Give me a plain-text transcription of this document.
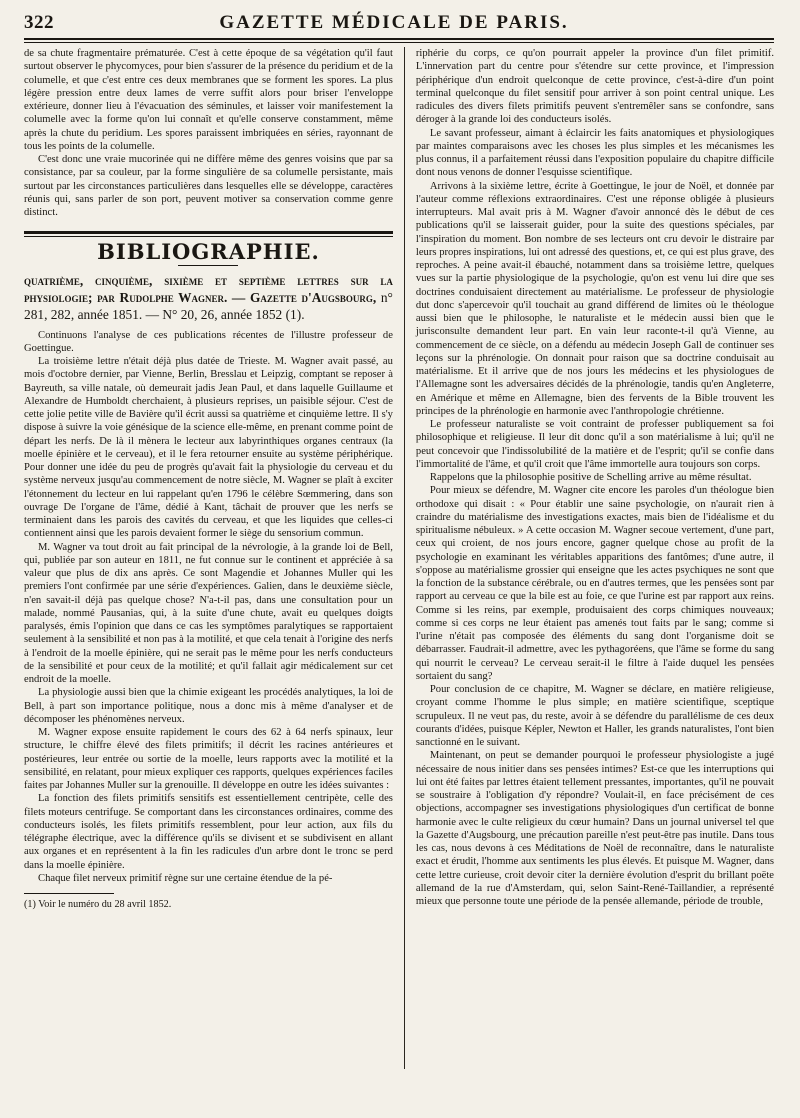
322	GAZETTE MÉDICALE DE PARIS.

de sa chute fragmentaire prématurée. C'est à cette époque de sa végétation qu'il faut surtout observer le phycomyces, pour bien s'assurer de la présence du peridium et de la columelle, et que c'est entre ces deux membranes que se forment les spores. La plus légère pression entre deux lames de verre suffit alors pour briser l'enveloppe extérieure, donner lieu à l'évacuation des séminules, et laisser voir manifestement la columelle avec la forme qu'on lui connaît et qu'elle conserve constamment, même après la chute du peridium. Les spores paraissent imbriquées en séries, rayonnant de tous les points de la columelle.

C'est donc une vraie mucorinée qui ne diffère même des genres voisins que par sa consistance, par sa couleur, par la forme singulière de sa columelle persistante, mais surtout par les circonstances particulières dans lesquelles elle se développe, caractères réunis qui, sans parler de son port, peuvent motiver sa conservation comme genre distinct.

BIBLIOGRAPHIE.
quatrième, cinquième, sixième et septième lettres sur la physiologie; par Rudolphe Wagner. — Gazette d'Augsbourg, n° 281, 282, année 1851. — N° 20, 26, année 1852 (1).

Continuons l'analyse de ces publications récentes de l'illustre professeur de Goettingue.

La troisième lettre n'était déjà plus datée de Trieste. M. Wagner avait passé, au mois d'octobre dernier, par Vienne, Berlin, Bresslau et Leipzig, comptant se reposer à Bayreuth, sa ville natale, où demeurait jadis Jean Paul, et dans laquelle Guillaume et Alexandre de Humboldt cherchaient, à plusieurs reprises, un paisible séjour. C'est de cette jolie petite ville de Bavière qu'il écrit aussi sa quatrième et cinquième lettre. Il s'y dispose à suivre la voie génésique de la science elle-même, en prenant comme point de départ les nerfs. De là il mènera le lecteur aux labyrinthiques organes centraux (la moelle épinière et le cerveau), et il le fera retourner ensuite au système périphérique. Pour donner une idée du peu de progrès qu'avait fait la physiologie du cerveau et du système nerveux jusqu'au commencement de notre siècle, M. Wagner se plaît à exciter l'étonnement du lecteur en lui rappelant qu'en 1796 le célèbre Sœmmering, dans son ouvrage De l'organe de l'âme, dédié à Kant, tâchait de prouver que les nerfs se terminaient dans les parois des cavités du cerveau, et que les liquides que celles-ci contiennent ainsi que les parois devaient former le siège du sensorium commun.

M. Wagner va tout droit au fait principal de la névrologie, à la grande loi de Bell, qui, publiée par son auteur en 1811, ne fut connue sur le continent et appréciée à sa valeur que plus de dix ans après. Ce sont Magendie et Johannes Muller qui les premiers l'ont confirmée par une série d'expériences. Galien, dans le deuxième siècle, n'en savait-il déjà pas quelque chose? N'a-t-il pas, dans une consultation pour un malade, nommé Pausanias, qui, à la suite d'une chute, avait eu quelques doigts paralysés, émis l'opinion que dans ce cas les symptômes paralytiques se rapportaient seulement à la sensibilité et non pas à la motilité, et que cela tenait à l'origine des nerfs à l'endroit de la moelle épinière, qui ne serait pas le même pour les nerfs conducteurs de la sensibilité et pour ceux de la motilité; et qu'il fallait agir médicalement sur cet endroit de la moelle.

La physiologie aussi bien que la chimie exigeant les procédés analytiques, la loi de Bell, à part son importance politique, nous a donc mis à même d'analyser et de décomposer les phénomènes nerveux.

M. Wagner expose ensuite rapidement le cours des 62 à 64 nerfs spinaux, leur structure, le chiffre élevé des filets primitifs; il décrit les racines antérieures et postérieures, leur entrée ou sortie de la moelle, leurs rapports avec la motilité et la sensibilité, en relatant, pour mieux expliquer ces rapports, quelques expériences faciles faites par Johannes Muller sur la grenouille. Il développe en outre les idées suivantes :

La fonction des filets primitifs sensitifs est essentiellement centripète, celle des filets moteurs centrifuge. Se comportant dans les circonstances ordinaires, comme des conducteurs isolés, les filets primitifs ressemblent, pour leur action, aux fils du télégraphe électrique, avec la différence qu'ils se divisent et se subdivisent en allant aux organes et en représentent à la fin les radicules d'un arbre dont le tronc se perd dans la moelle épinière.

Chaque filet nerveux primitif règne sur une certaine étendue de la pé-

(1) Voir le numéro du 28 avril 1852.

riphérie du corps, ce qu'on pourrait appeler la province d'un filet primitif. L'innervation part du centre pour s'étendre sur cette province, et l'impression périphérique d'un endroit quelconque de cette province, c'est-à-dire d'un point terminal quelconque du filet sensitif pour arriver à son point central unique. Les radicules des divers filets primitifs peuvent s'entremêler sans se confondre, sans déroger à la grande loi des conducteurs isolés.

Le savant professeur, aimant à éclaircir les faits anatomiques et physiologiques par maintes comparaisons avec les choses les plus simples et les mécanismes les plus connus, il a parfaitement réussi dans l'exposition populaire du chapitre difficile dont nous venons de donner l'esquisse scientifique.

Arrivons à la sixième lettre, écrite à Goettingue, le jour de Noël, et donnée par l'auteur comme réflexions extraordinaires. C'est une réponse obligée à plusieurs interrupteurs. Mal avait pris à M. Wagner d'avoir annoncé dès le début de ces publications qu'il se laisserait guider, pour la suite des questions spéciales, par l'inspiration du moment. Bon nombre de ses lecteurs ont cru devoir le distraire par leurs propres inspirations, lui ont adressé des questions, et, ce qui est plus grave, des reproches. A peine avait-il ébauché, notamment dans sa troisième lettre, quelques vues sur la partie physiologique de la psychologie, qu'on est venu lui dire que ses doctrines conduisaient directement au matérialisme. Le professeur de physiologie dut donc s'apercevoir qu'il touchait au grand différend de limites où le théologue aussi bien que le philosophe, le naturaliste et le médecin aussi bien que le jurisconsulte demandent leur part. En vain leur raconte-t-il qu'à Vienne, au commencement de ce siècle, on a défendu au médecin Joseph Gall de continuer ses leçons sur la phrénologie. On donnait pour raison que sa doctrine conduisait au matérialisme. Et il arrive que de nos jours les médecins et les physiologues de l'Allemagne sont les adversaires décidés de la phrénologie, tandis qu'en Angleterre, en Amérique et même en Allemagne, bien des fervents de la Bible trouvent les principes de la phrénologie en harmonie avec l'anthropologie chrétienne.

Le professeur naturaliste se voit contraint de professer publiquement sa foi philosophique et religieuse. Il leur dit donc qu'il a son matérialisme à lui; qu'il ne peut concevoir que l'indissolubilité de la matière et de l'esprit; qu'il se confie dans l'immortalité de l'âme, et qu'il croit que l'âme immortelle aura toujours son corps.

Rappelons que la philosophie positive de Schelling arrive au même résultat.

Pour mieux se défendre, M. Wagner cite encore les paroles d'un théologue bien orthodoxe qui disait : « Pour établir une saine psychologie, on n'aurait rien à craindre du matérialisme des investigations exactes, mais bien de l'idéalisme et du spiritualisme nébuleux. » A cette occasion M. Wagner secoue vertement, d'une part, ceux qui croient, de nos jours encore, gagner quelque chose au profit de la psychologie en examinant les véritables apparitions des fantômes; d'une autre, il s'oppose au matérialisme grossier qui enseigne que les actes psychiques ne sont que la fonction de la substance cérébrale, ou en d'autres termes, que les pensées sont par rapport au cerveau ce que la bile est au foie, ce que l'urine est par rapport aux reins. Comme si les reins, par exemple, produisaient des corps chimiques nouveaux; comme si ces corps ne leur étaient pas amenés tout faits par le sang; comme si l'urine n'était pas composée des éléments du sang dont l'organisme doit se débarrasser. Faudrait-il admettre, avec les pythagoréens, que l'âme se forme du sang qui nourrit le cerveau? Le cerveau serait-il le filtre à l'aide duquel les pensées sortaient du sang?

Pour conclusion de ce chapitre, M. Wagner se déclare, en matière religieuse, croyant comme l'homme le plus simple; en matière scientifique, sceptique scrupuleux. Il ne veut pas, du reste, avoir à se défendre du parallélisme de ces deux courants d'idées, puisque Képler, Newton et Haller, les grands naturalistes, l'ont bien sanctionné en le suivant.

Maintenant, on peut se demander pourquoi le professeur physiologiste a jugé nécessaire de nous initier dans ses pensées intimes? Est-ce que les interruptions qui lui ont été faites par lettres étaient tellement pressantes, importantes, qu'il ne pouvait se soustraire à l'obligation d'y répondre? Voulait-il, en face précisément de ces objections, accompagner ses investigations physiologiques d'un certificat de bonne harmonie avec le culte religieux du cœur humain? Dans un journal universel tel que la Gazette d'Augsbourg, une précaution pareille n'est peut-être pas inutile. Dans tous les cas, nous devons à ces Méditations de Noël de reconnaître, dans le naturaliste exact et érudit, l'homme aux sentiments les plus élevés. Et puisque M. Wagner, dans cette lettre curieuse, croit devoir citer la dernière évolution d'esprit du brillant poëte allemand de la rue d'Amsterdam, qui, selon Saint-René-Taillandier, a représenté mieux que personne toute une période de la pensée allemande, période de trouble,
